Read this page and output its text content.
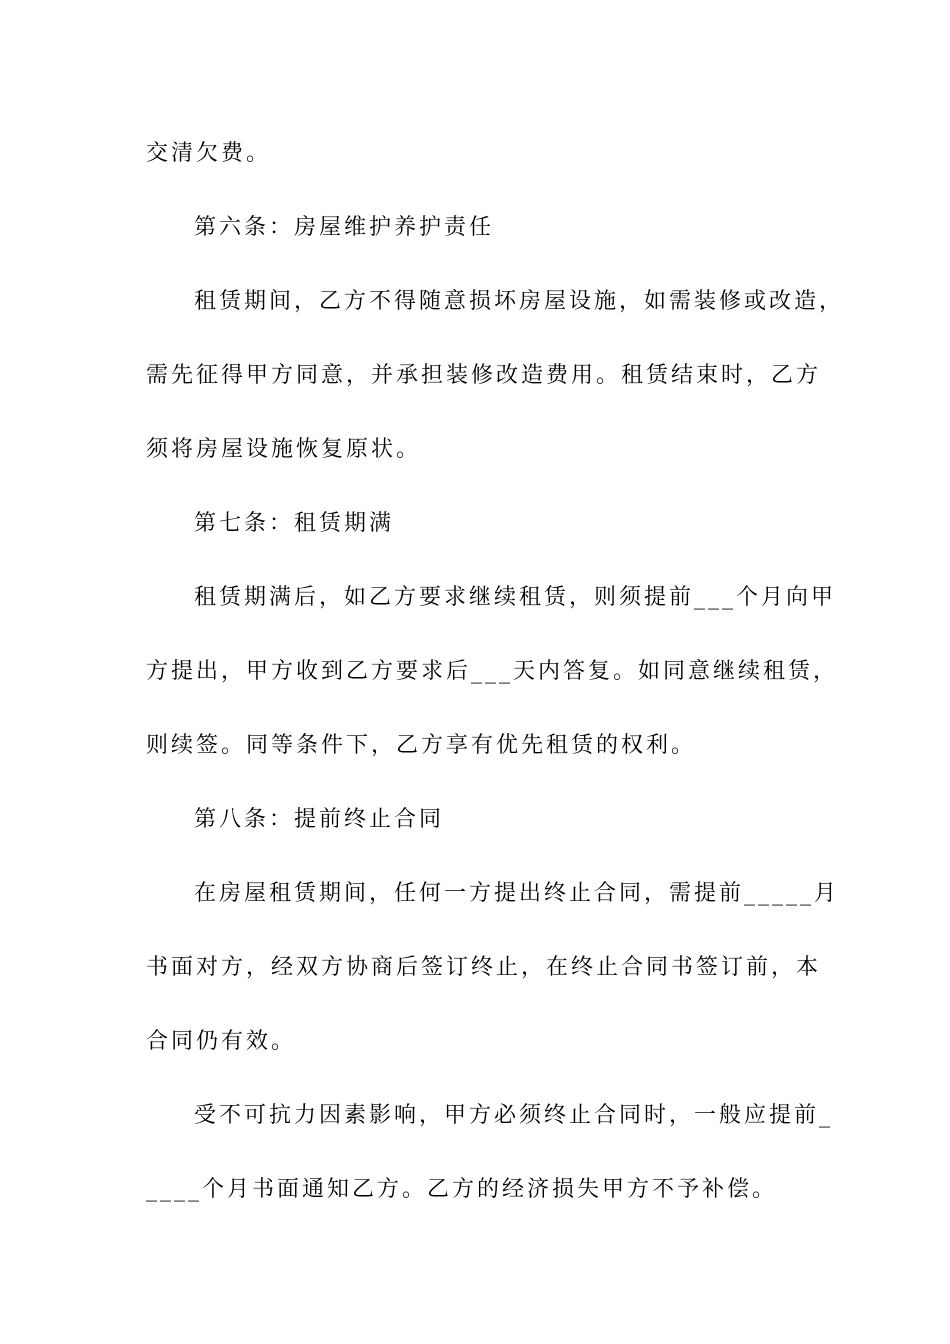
交清欠费。
第六条：房屋维护养护责任
租赁期间，乙方不得随意损坏房屋设施，如需装修或改造，
需先征得甲方同意，并承担装修改造费用。租赁结束时，乙方
须将房屋设施恢复原状。
第七条：租赁期满
租赁期满后，如乙方要求继续租赁，则须提前___个月向甲
方提出，甲方收到乙方要求后___天内答复。如同意继续租赁，
则续签。同等条件下，乙方享有优先租赁的权利。
第八条：提前终止合同
在房屋租赁期间，任何一方提出终止合同，需提前_____月
书面对方，经双方协商后签订终止，在终止合同书签订前，本
合同仍有效。
受不可抗力因素影响，甲方必须终止合同时，一般应提前_
____个月书面通知乙方。乙方的经济损失甲方不予补偿。
